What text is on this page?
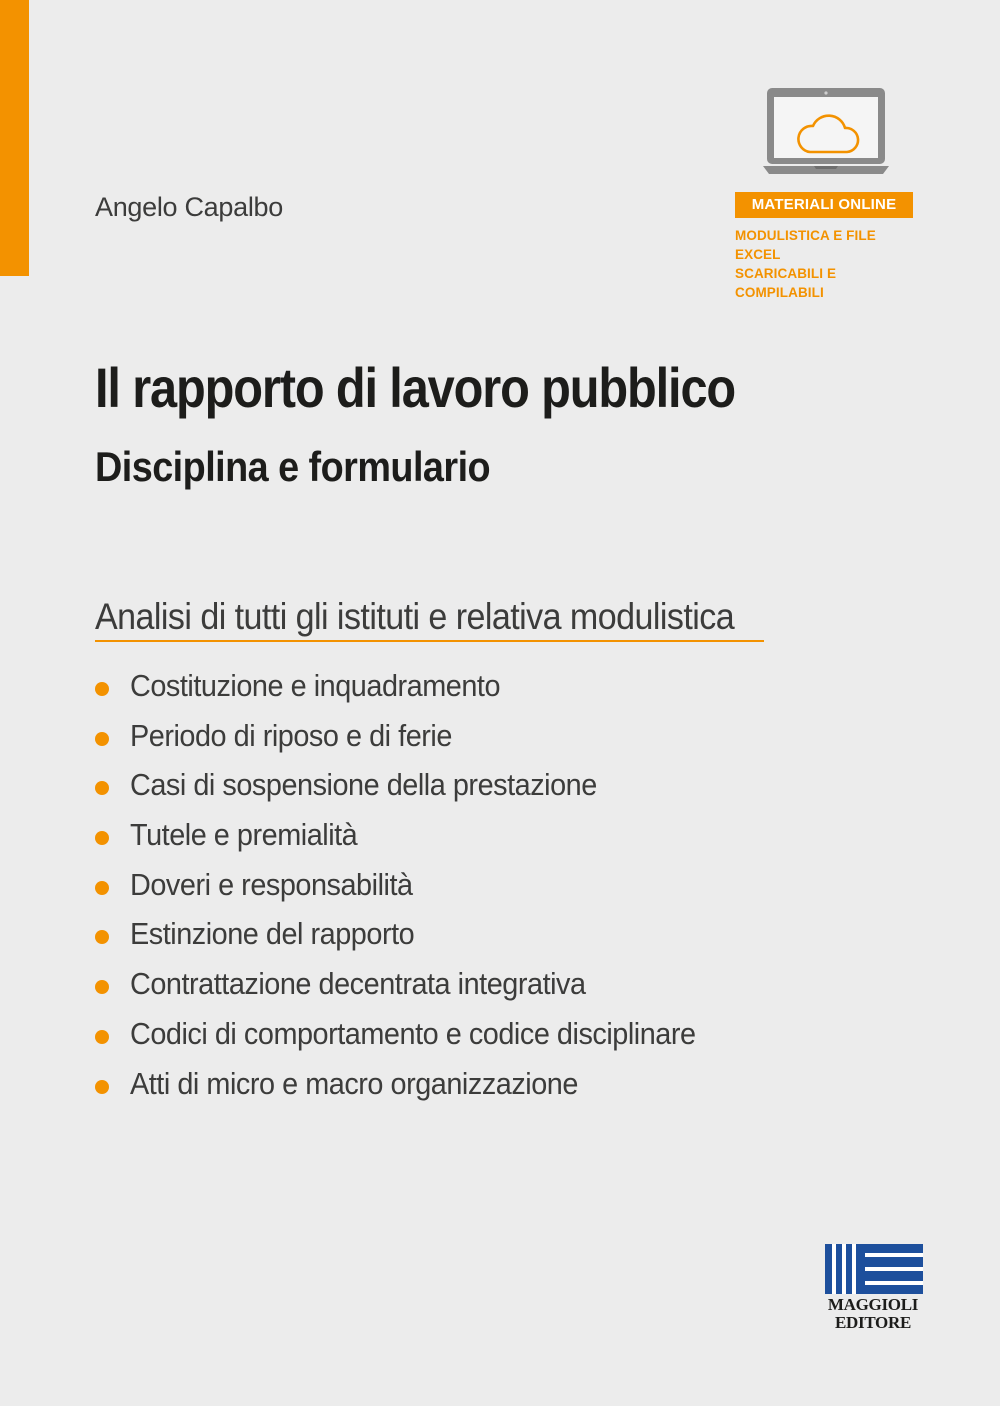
Angelo Capalbo	MATERIALI ONLINE
MODULISTICA E FILE EXCEL
SCARICABILI E COMPILABILI
Il rapporto di lavoro pubblico
Disciplina e formulario
Analisi di tutti gli istituti e relativa modulistica
Costituzione e inquadramento
Periodo di riposo e di ferie
Casi di sospensione della prestazione
Tutele e premialità
Doveri e responsabilità
Estinzione del rapporto
Contrattazione decentrata integrativa
Codici di comportamento e codice disciplinare
Atti di micro e macro organizzazione
MAGGIOLI
EDITORE
